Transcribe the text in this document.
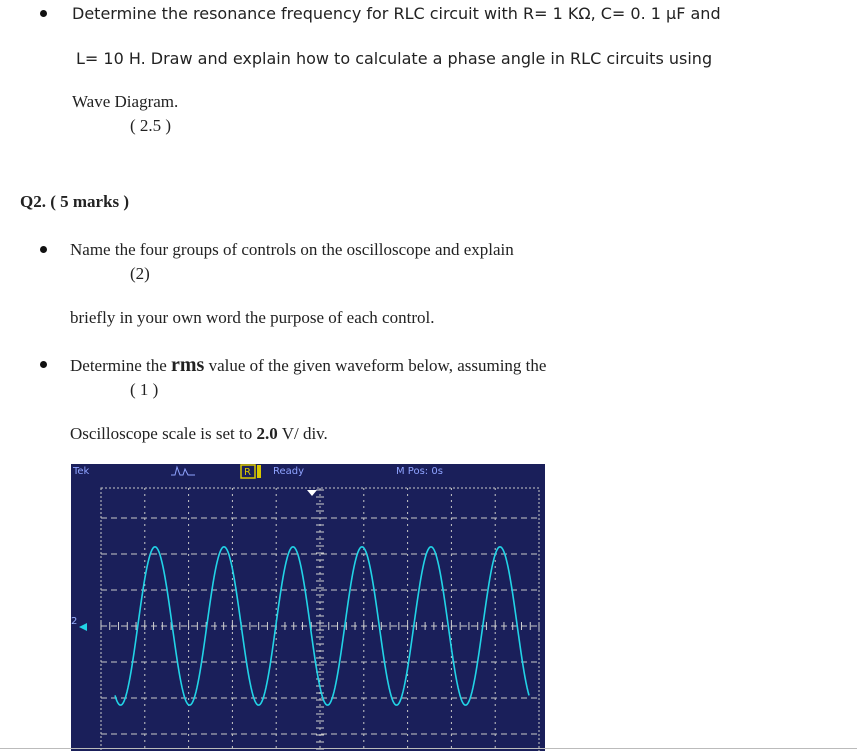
Determine the resonance frequency for RLC circuit with R= 1 KΩ, C= 0. 1 µF and
L= 10 H. Draw and explain how to calculate a phase angle in RLC circuits using
Wave Diagram.
( 2.5 )
Q2. ( 5 marks )
Name the four groups of controls on the oscilloscope and explain
(2)
briefly in your own word the purpose of each control.
Determine the rms value of the given waveform below, assuming the
( 1 )
Oscilloscope scale is set to 2.0 V/ div.
Tek	R Ready	M Pos: 0s
2
